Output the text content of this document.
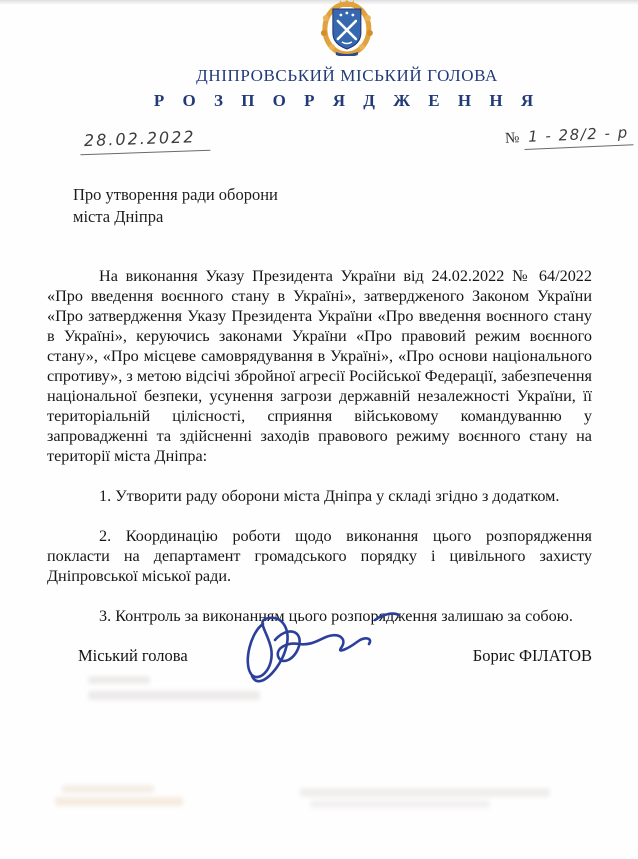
ДНІПРОВСЬКИЙ МІСЬКИЙ ГОЛОВА
Р О З П О Р Я Д Ж Е Н Н Я
28.02.2022	№ 1 - 28/2 - р
Про утворення ради оборони
міста Дніпра

На виконання Указу Президента України від 24.02.2022 № 64/2022 «Про введення воєнного стану в Україні», затвердженого Законом України «Про затвердження Указу Президента України «Про введення воєнного стану в Україні», керуючись законами України «Про правовий режим воєнного стану», «Про місцеве самоврядування в Україні», «Про основи національного спротиву», з метою відсічі збройної агресії Російської Федерації, забезпечення національної безпеки, усунення загрози державній незалежності України, її територіальній цілісності, сприяння військовому командуванню у запровадженні та здійсненні заходів правового режиму воєнного стану на території міста Дніпра:

1. Утворити раду оборони міста Дніпра у складі згідно з додатком.

2. Координацію роботи щодо виконання цього розпорядження покласти на департамент громадського порядку і цивільного захисту Дніпровської міської ради.

3. Контроль за виконанням цього розпорядження залишаю за собою.

Міський голова	Борис ФІЛАТОВ
